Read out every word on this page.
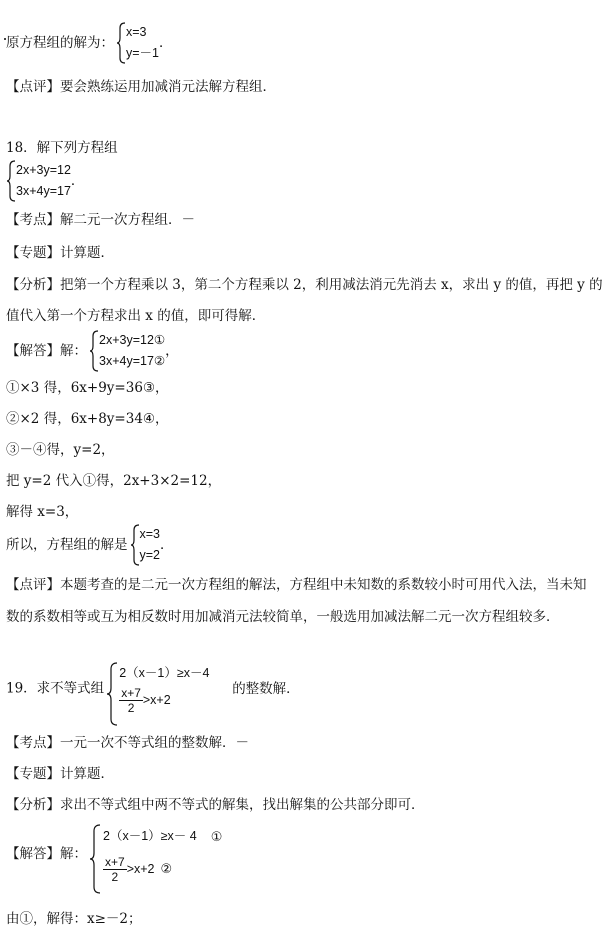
原方程组的解为：
x=3
y=－1
．
【点评】要会熟练运用加减消元法解方程组．
18．解下列方程组
2x+3y=12
3x+4y=17
．
【考点】解二元一次方程组．－
【专题】计算题．
【分析】把第一个方程乘以 3，第二个方程乘以 2，利用减法消元先消去 x，求出 y 的值，再把 y 的
值代入第一个方程求出 x 的值，即可得解．
【解答】解：
2x+3y=12①
3x+4y=17②
，
①×3 得，6x+9y=36③，
②×2 得，6x+8y=34④，
③－④得，y=2，
把 y=2 代入①得，2x+3×2=12，
解得 x=3，
所以，方程组的解是
x=3
y=2
．
【点评】本题考查的是二元一次方程组的解法，方程组中未知数的系数较小时可用代入法，当未知
数的系数相等或互为相反数时用加减消元法较简单，一般选用加减法解二元一次方程组较多．
19．求不等式组
2（x－1）≥x－4
$\frac{x+7}{2} >x+2$
的整数解．
【考点】一元一次不等式组的整数解．－
【专题】计算题．
【分析】求出不等式组中两不等式的解集，找出解集的公共部分即可．
【解答】解：
2（x－1）≥x－ 4 ①
$\frac{x+7}{2} >x+2$ ②
由①，解得：x≥－2；
